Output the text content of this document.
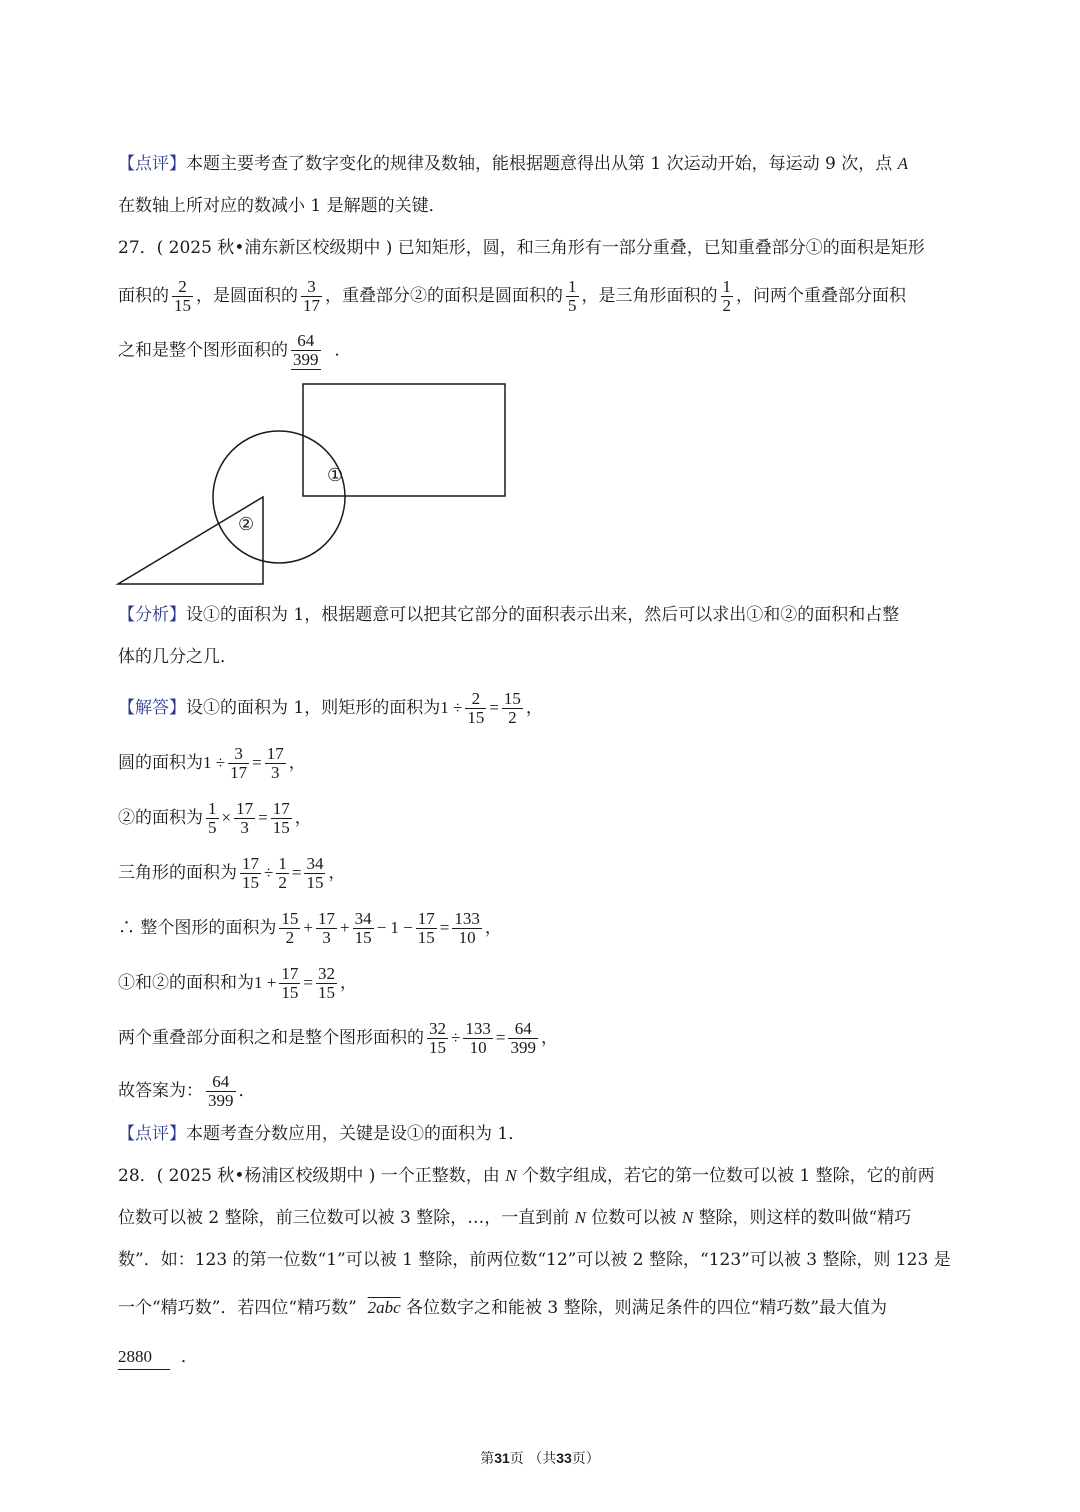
【点评】本题主要考查了数字变化的规律及数轴，能根据题意得出从第 1 次运动开始，每运动 9 次，点 A
在数轴上所对应的数减小 1 是解题的关键．
27．( 2025 秋•浦东新区校级期中 ) 已知矩形，圆，和三角形有一部分重叠，已知重叠部分①的面积是矩形
面积的 $\frac{2}{15}$ ，是圆面积的 $\frac{3}{17}$ ，重叠部分②的面积是圆面积的 $\frac{1}{5}$ ，是三角形面积的 $\frac{1}{2}$ ，问两个重叠部分面积
之和是整个图形面积的 $\frac{64}{399}$ ．
①
②
【分析】设①的面积为 1，根据题意可以把其它部分的面积表示出来，然后可以求出①和②的面积和占整
体的几分之几．
【解答】设①的面积为 1，则矩形的面积为$1 \div \frac{2}{15} = \frac{15}{2}$ ，
圆的面积为$1 \div \frac{3}{17} = \frac{17}{3}$ ，
②的面积为 $\frac{1}{5} \times \frac{17}{3} = \frac{17}{15}$ ，
三角形的面积为 $\frac{17}{15} \div \frac{1}{2} = \frac{34}{15}$ ，
∴ 整个图形的面积为 $\frac{15}{2} + \frac{17}{3} + \frac{34}{15} - 1 - \frac{17}{15} = \frac{133}{10}$ ，
①和②的面积和为$1 + \frac{17}{15} = \frac{32}{15}$ ，
两个重叠部分面积之和是整个图形面积的 $\frac{32}{15} \div \frac{133}{10} = \frac{64}{399}$ ，
故答案为： $\frac{64}{399}$ ．
【点评】本题考查分数应用，关键是设①的面积为 1．
28．( 2025 秋•杨浦区校级期中 ) 一个正整数，由 N 个数字组成，若它的第一位数可以被 1 整除，它的前两
位数可以被 2 整除，前三位数可以被 3 整除，…，一直到前 N 位数可以被 N 整除，则这样的数叫做“精巧
数”．如：123 的第一位数“1”可以被 1 整除，前两位数“12”可以被 2 整除，“123”可以被 3 整除，则 123 是
一个“精巧数”．若四位“精巧数” 2abc 各位数字之和能被 3 整除，则满足条件的四位“精巧数”最大值为
2880 ．
第31页 （共33页）
